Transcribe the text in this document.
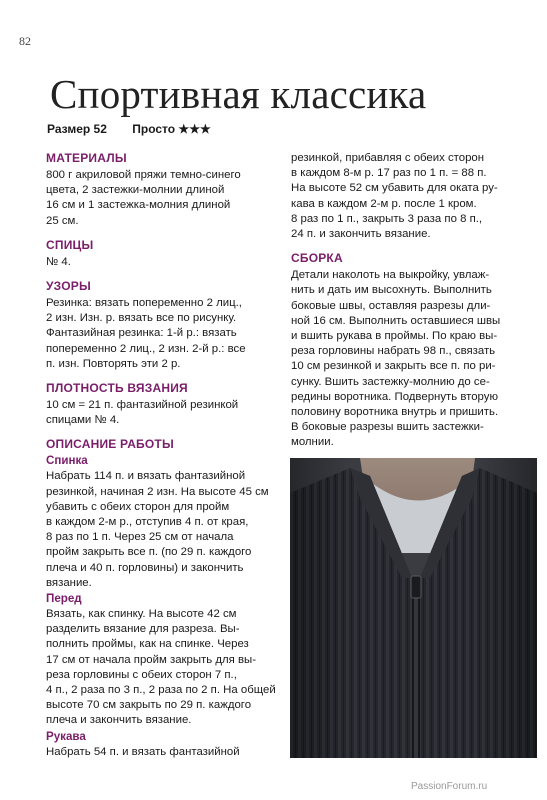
82
Спортивная классика
Размер 52 Просто ★★★
МАТЕРИАЛЫ

800 г акриловой пряжи темно-синего
цвета, 2 застежки-молнии длиной
16 см и 1 застежка-молния длиной
25 см.

СПИЦЫ

№ 4.

УЗОРЫ

Резинка: вязать попеременно 2 лиц.,
2 изн. Изн. р. вязать все по рисунку.
Фантазийная резинка: 1-й р.: вязать
попеременно 2 лиц., 2 изн. 2-й р.: все
п. изн. Повторять эти 2 р.

ПЛОТНОСТЬ ВЯЗАНИЯ

10 см = 21 п. фантазийной резинкой
спицами № 4.

ОПИСАНИЕ РАБОТЫ
Спинка

Набрать 114 п. и вязать фантазийной
резинкой, начиная 2 изн. На высоте 45 см
убавить с обеих сторон для пройм
в каждом 2-м р., отступив 4 п. от края,
8 раз по 1 п. Через 25 см от начала
пройм закрыть все п. (по 29 п. каждого
плеча и 40 п. горловины) и закончить
вязание.

Перед

Вязать, как спинку. На высоте 42 см
разделить вязание для разреза. Вы-
полнить проймы, как на спинке. Через
17 см от начала пройм закрыть для вы-
реза горловины с обеих сторон 7 п.,
4 п., 2 раза по 3 п., 2 раза по 2 п. На общей
высоте 70 см закрыть по 29 п. каждого
плеча и закончить вязание.

Рукава

Набрать 54 п. и вязать фантазийной

резинкой, прибавляя с обеих сторон
в каждом 8-м р. 17 раз по 1 п. = 88 п.
На высоте 52 см убавить для оката ру-
кава в каждом 2-м р. после 1 кром.
8 раз по 1 п., закрыть 3 раза по 8 п.,
24 п. и закончить вязание.

СБОРКА

Детали наколоть на выкройку, увлаж-
нить и дать им высохнуть. Выполнить
боковые швы, оставляя разрезы дли-
ной 16 см. Выполнить оставшиеся швы
и вшить рукава в проймы. По краю вы-
реза горловины набрать 98 п., связать
10 см резинкой и закрыть все п. по ри-
сунку. Вшить застежку-молнию до се-
редины воротника. Подвернуть вторую
половину воротника внутрь и пришить.
В боковые разрезы вшить застежки-
молнии.

PassionForum.ru
